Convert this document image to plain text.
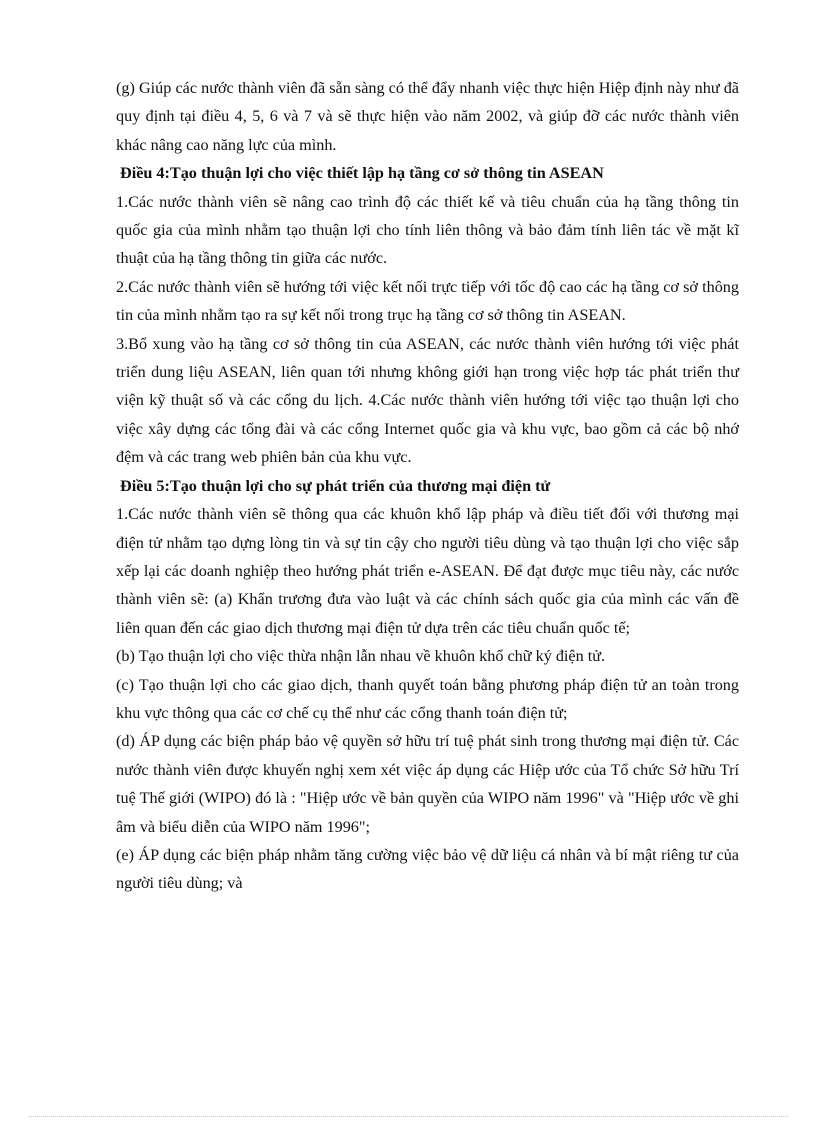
(g) Giúp các nước thành viên đã sẵn sàng có thể đẩy nhanh việc thực hiện Hiệp định này như đã quy định tại điều 4, 5, 6 và 7 và sẽ thực hiện vào năm 2002, và giúp đỡ các nước thành viên khác nâng cao năng lực của mình.

Điều 4:Tạo thuận lợi cho việc thiết lập hạ tầng cơ sở thông tin ASEAN

1.Các nước thành viên sẽ nâng cao trình độ các thiết kế và tiêu chuẩn của hạ tầng thông tin quốc gia của mình nhằm tạo thuận lợi cho tính liên thông và bảo đảm tính liên tác về mặt kĩ thuật của hạ tầng thông tin giữa các nước.

2.Các nước thành viên sẽ hướng tới việc kết nối trực tiếp với tốc độ cao các hạ tầng cơ sở thông tin của mình nhằm tạo ra sự kết nối trong trục hạ tầng cơ sở thông tin ASEAN.

3.Bổ xung vào hạ tầng cơ sở thông tin của ASEAN, các nước thành viên hướng tới việc phát triển dung liệu ASEAN, liên quan tới nhưng không giới hạn trong việc hợp tác phát triển thư viện kỹ thuật số và các cổng du lịch. 4.Các nước thành viên hướng tới việc tạo thuận lợi cho việc xây dựng các tổng đài và các cổng Internet quốc gia và khu vực, bao gồm cả các bộ nhớ đệm và các trang web phiên bản của khu vực.

Điều 5:Tạo thuận lợi cho sự phát triển của thương mại điện tử

1.Các nước thành viên sẽ thông qua các khuôn khổ lập pháp và điều tiết đối với thương mại điện tử nhằm tạo dựng lòng tin và sự tin cậy cho người tiêu dùng và tạo thuận lợi cho việc sắp xếp lại các doanh nghiệp theo hướng phát triển e-ASEAN. Để đạt được mục tiêu này, các nước thành viên sẽ: (a) Khẩn trương đưa vào luật và các chính sách quốc gia của mình các vấn đề liên quan đến các giao dịch thương mại điện tử dựa trên các tiêu chuẩn quốc tế;

(b) Tạo thuận lợi cho việc thừa nhận lẫn nhau về khuôn khổ chữ ký điện tử.

(c) Tạo thuận lợi cho các giao dịch, thanh quyết toán bằng phương pháp điện tử an toàn trong khu vực thông qua các cơ chế cụ thể như các cổng thanh toán điện tử;

(d) ÁP dụng các biện pháp bảo vệ quyền sở hữu trí tuệ phát sinh trong thương mại điện tử. Các nước thành viên được khuyến nghị xem xét việc áp dụng các Hiệp ước của Tổ chức Sở hữu Trí tuệ Thế giới (WIPO) đó là : "Hiệp ước về bản quyền của WIPO năm 1996" và "Hiệp ước về ghi âm và biểu diễn của WIPO năm 1996";

(e) ÁP dụng các biện pháp nhằm tăng cường việc bảo vệ dữ liệu cá nhân và bí mật riêng tư của người tiêu dùng; và
